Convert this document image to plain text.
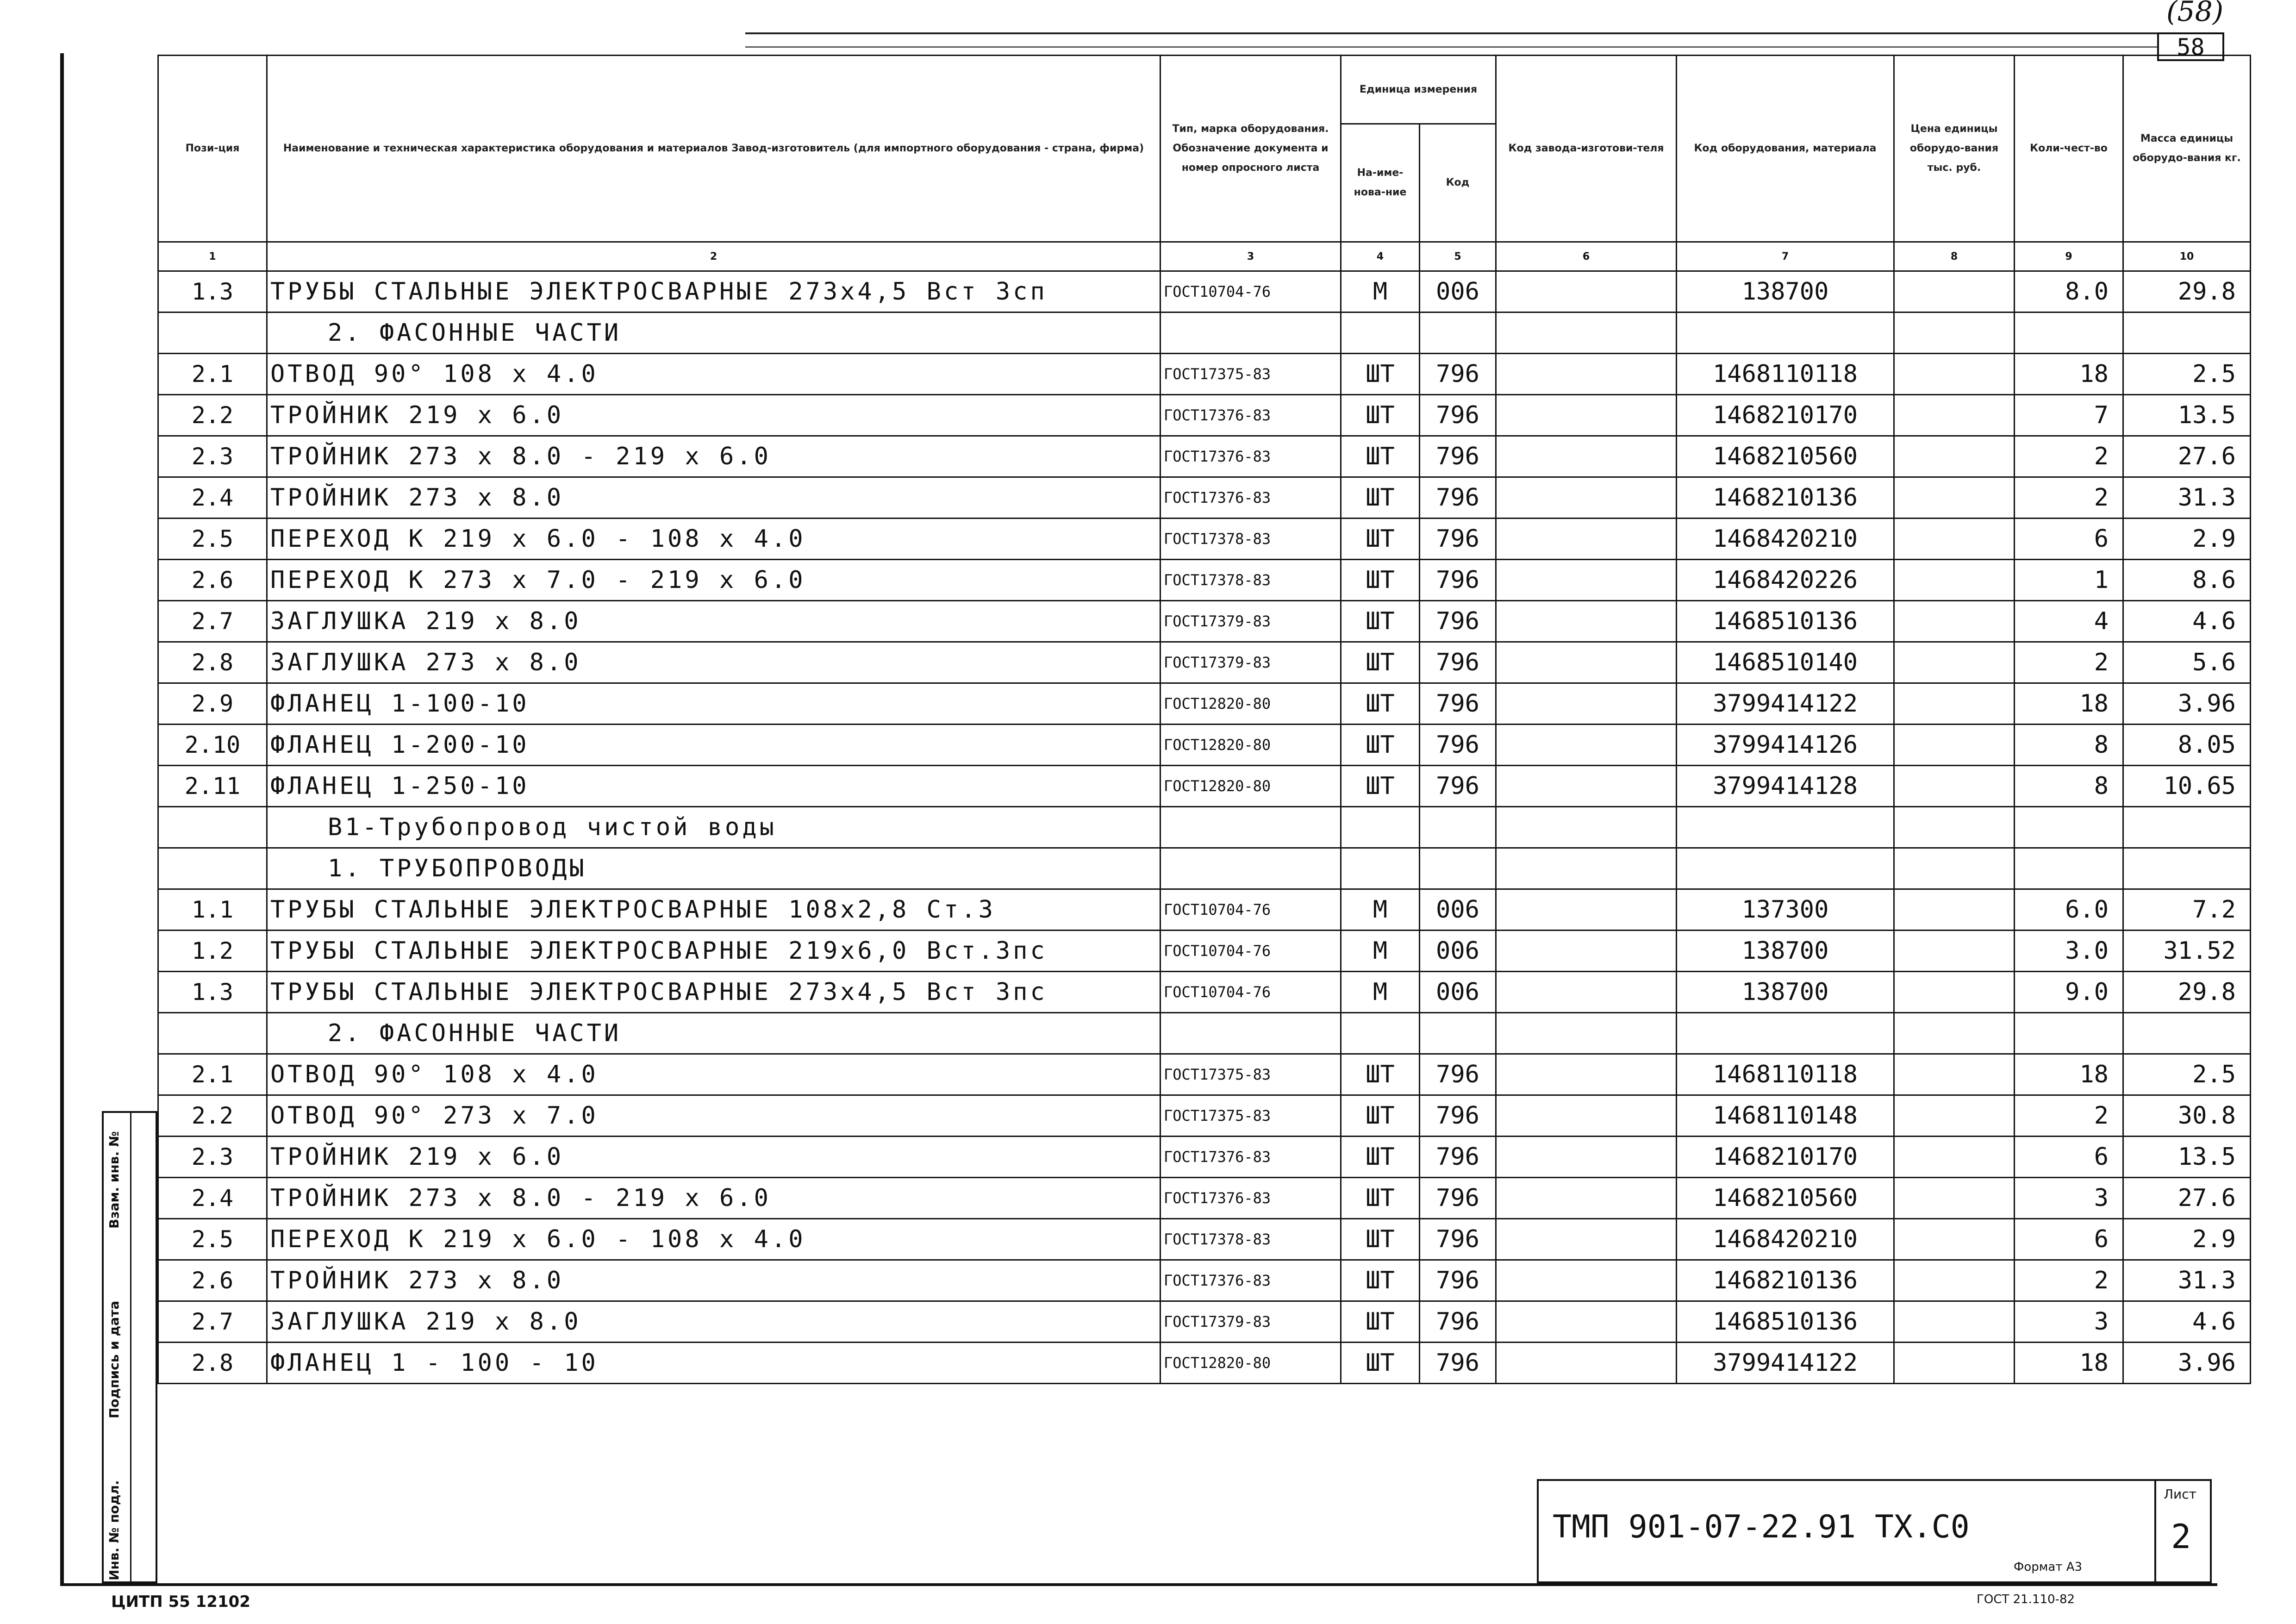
(58)
58
Инв. № подл.
Подпись и дата
Взам. инв. №
Пози-ция	Наименование и техническая характеристика оборудования и материалов Завод-изготовитель (для импортного оборудования - страна, фирма)	Тип, марка оборудования. Обозначение документа и номер опросного листа	Единица измерения		Код завода-изготови-теля	Код оборудования, материала	Цена единицы оборудо-вания тыс. руб.	Коли-чест-во	Масса единицы оборудо-вания кг.
			На-име-нова-ние	Код					
1	2	3	4	5	6	7	8	9	10
1.3	ТРУБЫ СТАЛЬНЫЕ ЭЛЕКТРОСВАРНЫЕ 273х4,5 Вст 3сп	ГОСТ10704-76	М	006		138700		8.0	29.8
	2. ФАСОННЫЕ ЧАСТИ								
2.1	ОТВОД 90° 108 х 4.0	ГОСТ17375-83	ШТ	796		1468110118		18	2.5
2.2	ТРОЙНИК 219 х 6.0	ГОСТ17376-83	ШТ	796		1468210170		7	13.5
2.3	ТРОЙНИК 273 х 8.0 - 219 х 6.0	ГОСТ17376-83	ШТ	796		1468210560		2	27.6
2.4	ТРОЙНИК 273 х 8.0	ГОСТ17376-83	ШТ	796		1468210136		2	31.3
2.5	ПЕРЕХОД К 219 х 6.0 - 108 х 4.0	ГОСТ17378-83	ШТ	796		1468420210		6	2.9
2.6	ПЕРЕХОД К 273 х 7.0 - 219 х 6.0	ГОСТ17378-83	ШТ	796		1468420226		1	8.6
2.7	ЗАГЛУШКА 219 х 8.0	ГОСТ17379-83	ШТ	796		1468510136		4	4.6
2.8	ЗАГЛУШКА 273 х 8.0	ГОСТ17379-83	ШТ	796		1468510140		2	5.6
2.9	ФЛАНЕЦ 1-100-10	ГОСТ12820-80	ШТ	796		3799414122		18	3.96
2.10	ФЛАНЕЦ 1-200-10	ГОСТ12820-80	ШТ	796		3799414126		8	8.05
2.11	ФЛАНЕЦ 1-250-10	ГОСТ12820-80	ШТ	796		3799414128		8	10.65
	В1-Трубопровод чистой воды								
	1. ТРУБОПРОВОДЫ								
1.1	ТРУБЫ СТАЛЬНЫЕ ЭЛЕКТРОСВАРНЫЕ 108х2,8 Ст.3	ГОСТ10704-76	М	006		137300		6.0	7.2
1.2	ТРУБЫ СТАЛЬНЫЕ ЭЛЕКТРОСВАРНЫЕ 219х6,0 Вст.3пс	ГОСТ10704-76	М	006		138700		3.0	31.52
1.3	ТРУБЫ СТАЛЬНЫЕ ЭЛЕКТРОСВАРНЫЕ 273х4,5 Вст 3пс	ГОСТ10704-76	М	006		138700		9.0	29.8
	2. ФАСОННЫЕ ЧАСТИ								
2.1	ОТВОД 90° 108 х 4.0	ГОСТ17375-83	ШТ	796		1468110118		18	2.5
2.2	ОТВОД 90° 273 х 7.0	ГОСТ17375-83	ШТ	796		1468110148		2	30.8
2.3	ТРОЙНИК 219 х 6.0	ГОСТ17376-83	ШТ	796		1468210170		6	13.5
2.4	ТРОЙНИК 273 х 8.0 - 219 х 6.0	ГОСТ17376-83	ШТ	796		1468210560		3	27.6
2.5	ПЕРЕХОД К 219 х 6.0 - 108 х 4.0	ГОСТ17378-83	ШТ	796		1468420210		6	2.9
2.6	ТРОЙНИК 273 х 8.0	ГОСТ17376-83	ШТ	796		1468210136		2	31.3
2.7	ЗАГЛУШКА 219 х 8.0	ГОСТ17379-83	ШТ	796		1468510136		3	4.6
2.8	ФЛАНЕЦ 1 - 100 - 10	ГОСТ12820-80	ШТ	796		3799414122		18	3.96
ТМП 901-07-22.91 ТХ.С0
Лист
2
ЦИТП 55 12102
Формат А3
ГОСТ 21.110-82
